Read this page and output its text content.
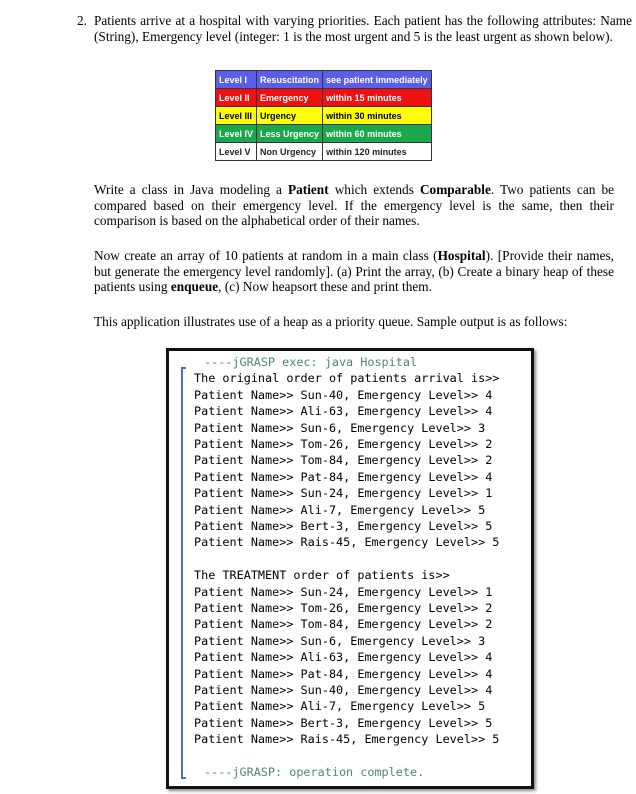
2. Patients arrive at a hospital with varying priorities. Each patient has the following attributes: Name (String), Emergency level (integer: 1 is the most urgent and 5 is the least urgent as shown below).
Level I	Resuscitation	see patient immediately
Level II	Emergency	within 15 minutes
Level III	Urgency	within 30 minutes
Level IV	Less Urgency	within 60 minutes
Level V	Non Urgency	within 120 minutes
Write a class in Java modeling a Patient which extends Comparable. Two patients can be compared based on their emergency level. If the emergency level is the same, then their comparison is based on the alphabetical order of their names.
Now create an array of 10 patients at random in a main class (Hospital). [Provide their names, but generate the emergency level randomly]. (a) Print the array, (b) Create a binary heap of these patients using enqueue, (c) Now heapsort these and print them.
This application illustrates use of a heap as a priority queue. Sample output is as follows:
----jGRASP exec: java Hospital
The original order of patients arrival is>>
Patient Name>> Sun-40, Emergency Level>> 4
Patient Name>> Ali-63, Emergency Level>> 4
Patient Name>> Sun-6, Emergency Level>> 3
Patient Name>> Tom-26, Emergency Level>> 2
Patient Name>> Tom-84, Emergency Level>> 2
Patient Name>> Pat-84, Emergency Level>> 4
Patient Name>> Sun-24, Emergency Level>> 1
Patient Name>> Ali-7, Emergency Level>> 5
Patient Name>> Bert-3, Emergency Level>> 5
Patient Name>> Rais-45, Emergency Level>> 5
The TREATMENT order of patients is>>
Patient Name>> Sun-24, Emergency Level>> 1
Patient Name>> Tom-26, Emergency Level>> 2
Patient Name>> Tom-84, Emergency Level>> 2
Patient Name>> Sun-6, Emergency Level>> 3
Patient Name>> Ali-63, Emergency Level>> 4
Patient Name>> Pat-84, Emergency Level>> 4
Patient Name>> Sun-40, Emergency Level>> 4
Patient Name>> Ali-7, Emergency Level>> 5
Patient Name>> Bert-3, Emergency Level>> 5
Patient Name>> Rais-45, Emergency Level>> 5
----jGRASP: operation complete.
